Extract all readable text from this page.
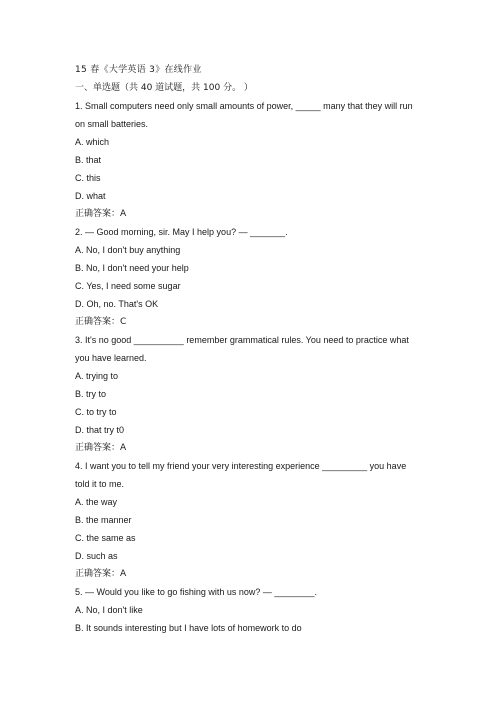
15 春《大学英语 3》在线作业
一、单选题（共 40 道试题，共 100 分。 ）
1. Small computers need only small amounts of power, _____ many that they will run
on small batteries.
A. which
B. that
C. this
D. what
正确答案：A
2. — Good morning, sir. May I help you? — _______.
A. No, I don't buy anything
B. No, I don't need your help
C. Yes, I need some sugar
D. Oh, no. That's OK
正确答案：C
3. It's no good __________ remember grammatical rules. You need to practice what
you have learned.
A. trying to
B. try to
C. to try to
D. that try t0
正确答案：A
4. I want you to tell my friend your very interesting experience _________ you have
told it to me.
A. the way
B. the manner
C. the same as
D. such as
正确答案：A
5. — Would you like to go fishing with us now? — ________.
A. No, I don't like
B. It sounds interesting but I have lots of homework to do
